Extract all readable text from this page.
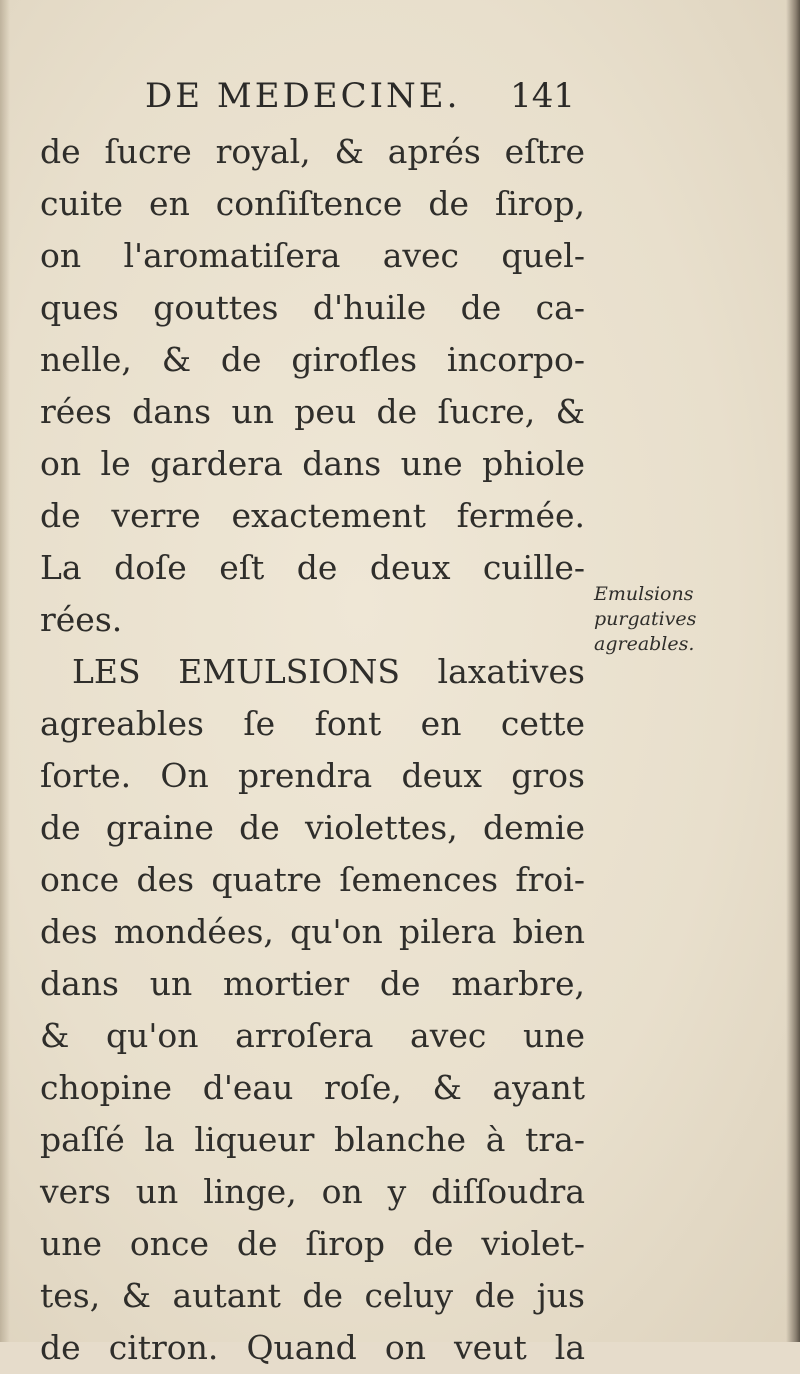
DE MEDECINE. 141
de ſucre royal, & aprés eſtre
cuite en conſiſtence de ſirop,
on l'aromatiſera avec quel-
ques gouttes d'huile de ca-
nelle, & de girofles incorpo-
rées dans un peu de ſucre, &
on le gardera dans une phiole
de verre exactement fermée.
La doſe eſt de deux cuille-
rées.
LES EMULSIONS laxatives
agreables ſe font en cette
ſorte. On prendra deux gros
de graine de violettes, demie
once des quatre ſemences froi-
des mondées, qu'on pilera bien
dans un mortier de marbre,
& qu'on arroſera avec une
chopine d'eau roſe, & ayant
paſſé la liqueur blanche à tra-
vers un linge, on y diſſoudra
une once de ſirop de violet-
tes, & autant de celuy de jus
de citron. Quand on veut la
Emulsions
purgatives
agreables.
